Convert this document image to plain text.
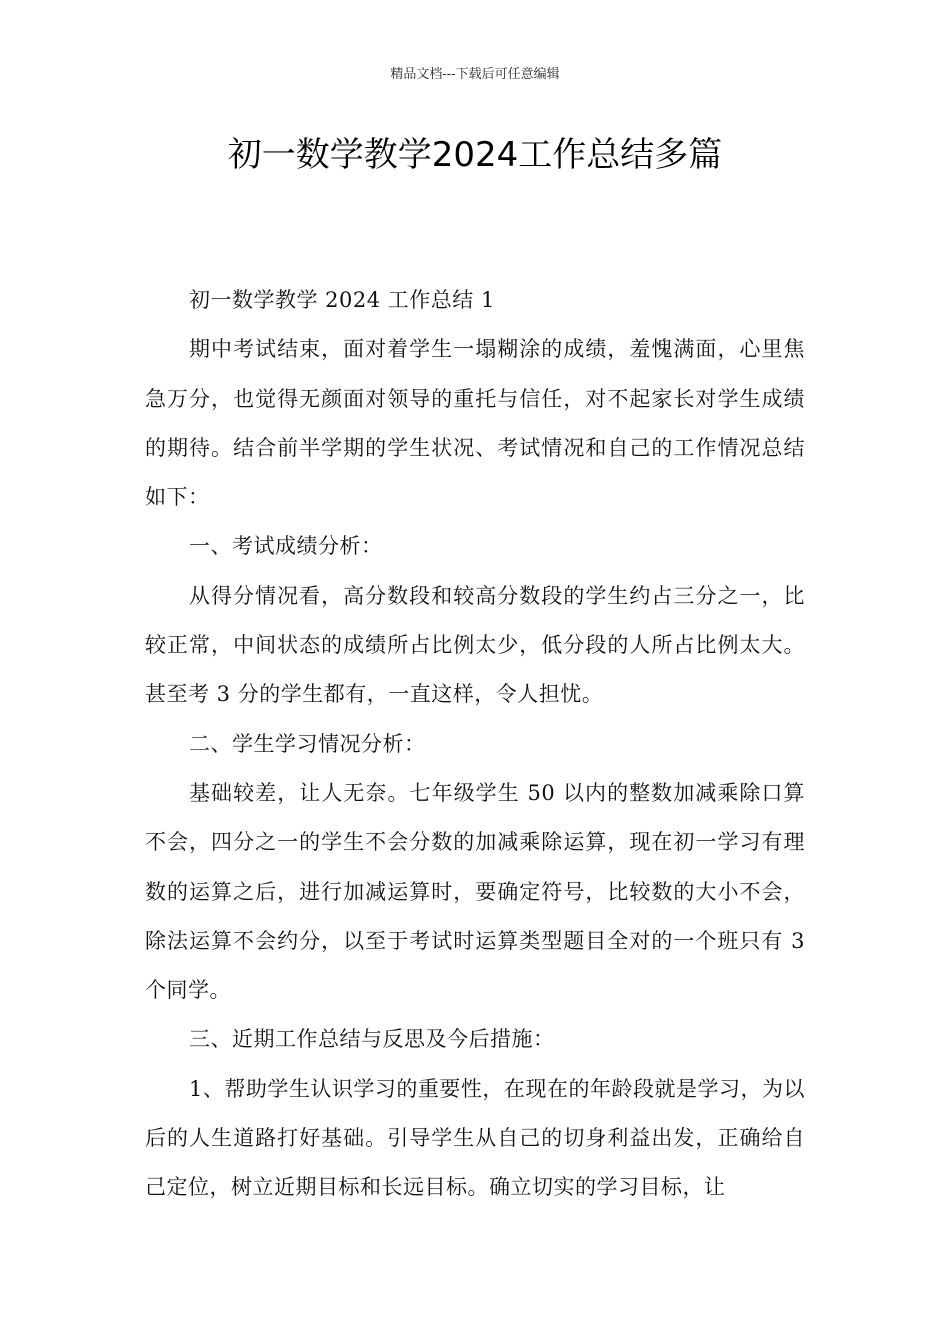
精品文档---下载后可任意编辑
初一数学教学2024工作总结多篇

初一数学教学 2024 工作总结 1

期中考试结束，面对着学生一塌糊涂的成绩，羞愧满面，心里焦急万分，也觉得无颜面对领导的重托与信任，对不起家长对学生成绩的期待。结合前半学期的学生状况、考试情况和自己的工作情况总结如下：

一、考试成绩分析：

从得分情况看，高分数段和较高分数段的学生约占三分之一，比较正常，中间状态的成绩所占比例太少，低分段的人所占比例太大。甚至考 3 分的学生都有，一直这样，令人担忧。

二、学生学习情况分析：

基础较差，让人无奈。七年级学生 50 以内的整数加减乘除口算不会，四分之一的学生不会分数的加减乘除运算，现在初一学习有理数的运算之后，进行加减运算时，要确定符号，比较数的大小不会，除法运算不会约分，以至于考试时运算类型题目全对的一个班只有 3 个同学。

三、近期工作总结与反思及今后措施：

1、帮助学生认识学习的重要性，在现在的年龄段就是学习，为以后的人生道路打好基础。引导学生从自己的切身利益出发，正确给自己定位，树立近期目标和长远目标。确立切实的学习目标，让
